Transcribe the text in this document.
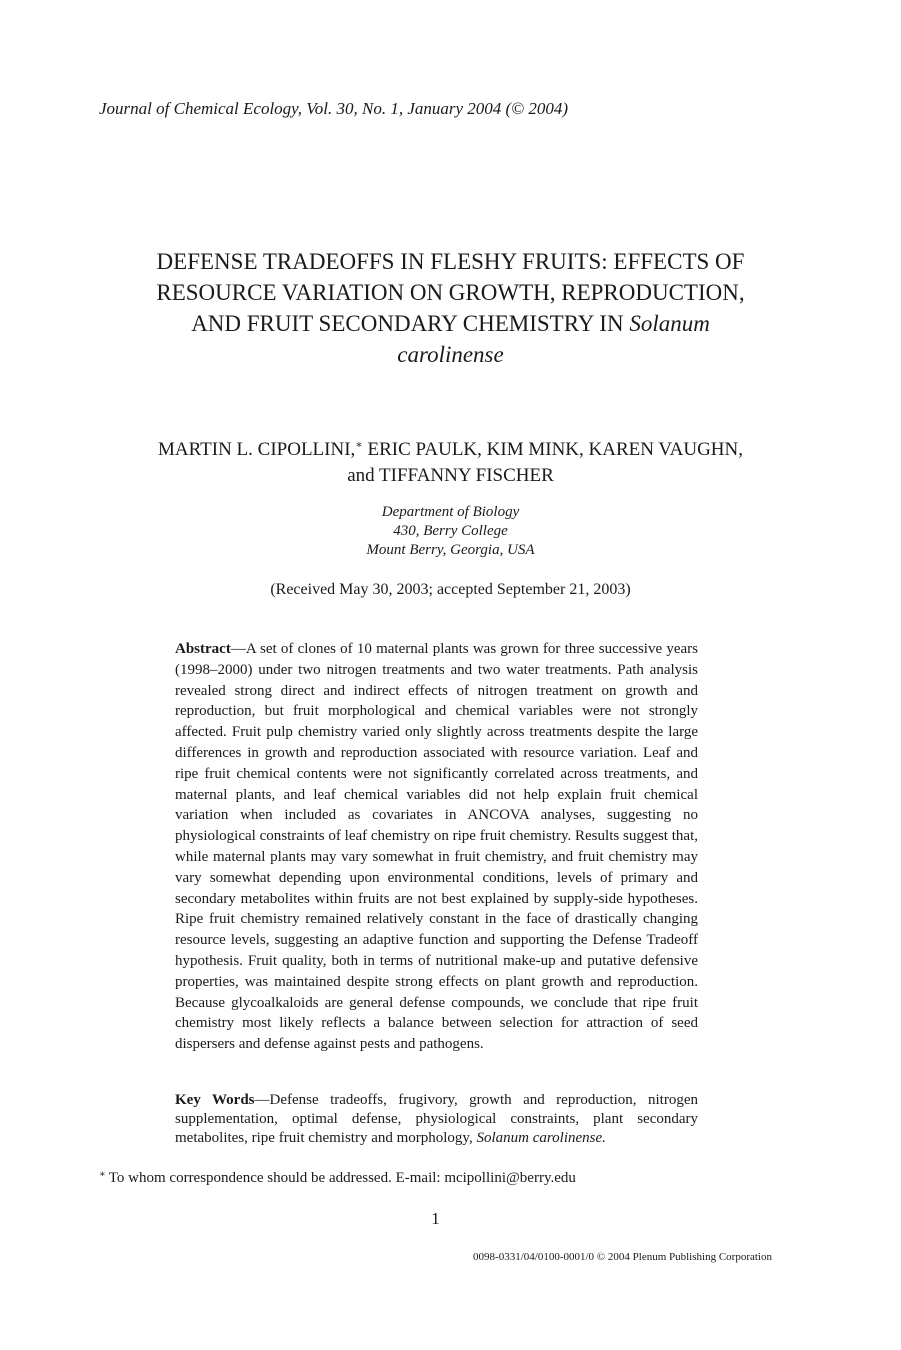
Journal of Chemical Ecology, Vol. 30, No. 1, January 2004 (© 2004)
DEFENSE TRADEOFFS IN FLESHY FRUITS: EFFECTS OF
RESOURCE VARIATION ON GROWTH, REPRODUCTION,
AND FRUIT SECONDARY CHEMISTRY IN Solanum
carolinense
MARTIN L. CIPOLLINI,∗ ERIC PAULK, KIM MINK, KAREN VAUGHN,
and TIFFANNY FISCHER
Department of Biology
430, Berry College
Mount Berry, Georgia, USA
(Received May 30, 2003; accepted September 21, 2003)
Abstract—A set of clones of 10 maternal plants was grown for three successive years (1998–2000) under two nitrogen treatments and two water treatments. Path analysis revealed strong direct and indirect effects of nitrogen treatment on growth and reproduction, but fruit morphological and chemical variables were not strongly affected. Fruit pulp chemistry varied only slightly across treatments despite the large differences in growth and reproduction associated with resource variation. Leaf and ripe fruit chemical contents were not significantly correlated across treatments, and maternal plants, and leaf chemical variables did not help explain fruit chemical variation when included as covariates in ANCOVA analyses, suggesting no physiological constraints of leaf chemistry on ripe fruit chemistry. Results suggest that, while maternal plants may vary somewhat in fruit chemistry, and fruit chemistry may vary somewhat depending upon environmental conditions, levels of primary and secondary metabolites within fruits are not best explained by supply-side hypotheses. Ripe fruit chemistry remained relatively constant in the face of drastically changing resource levels, suggesting an adaptive function and supporting the Defense Tradeoff hypothesis. Fruit quality, both in terms of nutritional make-up and putative defensive properties, was maintained despite strong effects on plant growth and reproduction. Because glycoalkaloids are general defense compounds, we conclude that ripe fruit chemistry most likely reflects a balance between selection for attraction of seed dispersers and defense against pests and pathogens.
Key Words—Defense tradeoffs, frugivory, growth and reproduction, nitrogen supplementation, optimal defense, physiological constraints, plant secondary metabolites, ripe fruit chemistry and morphology, Solanum carolinense.
∗ To whom correspondence should be addressed. E-mail: mcipollini@berry.edu
1
0098-0331/04/0100-0001/0 © 2004 Plenum Publishing Corporation
